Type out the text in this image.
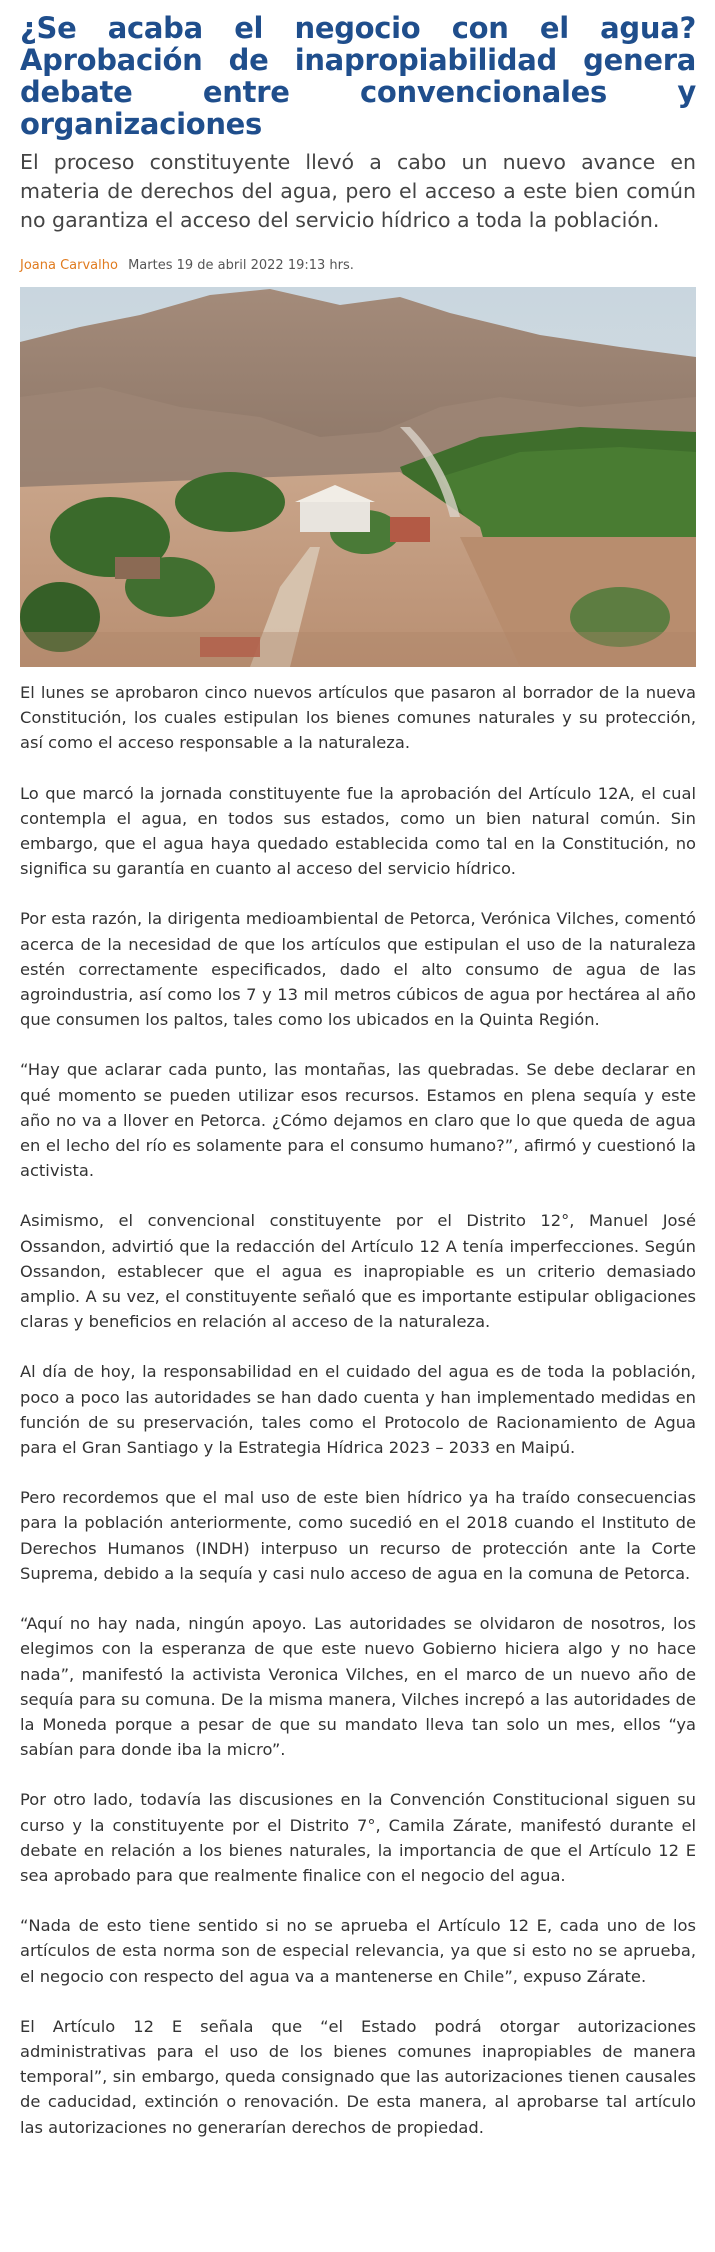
¿Se acaba el negocio con el agua? Aprobación de inapropiabilidad genera debate entre convencionales y organizaciones

El proceso constituyente llevó a cabo un nuevo avance en materia de derechos del agua, pero el acceso a este bien común no garantiza el acceso del servicio hídrico a toda la población.

Joana Carvalho Martes 19 de abril 2022 19:13 hrs.

El lunes se aprobaron cinco nuevos artículos que pasaron al borrador de la nueva Constitución, los cuales estipulan los bienes comunes naturales y su protección, así como el acceso responsable a la naturaleza.

Lo que marcó la jornada constituyente fue la aprobación del Artículo 12A, el cual contempla el agua, en todos sus estados, como un bien natural común. Sin embargo, que el agua haya quedado establecida como tal en la Constitución, no significa su garantía en cuanto al acceso del servicio hídrico.

Por esta razón, la dirigenta medioambiental de Petorca, Verónica Vilches, comentó acerca de la necesidad de que los artículos que estipulan el uso de la naturaleza estén correctamente especificados, dado el alto consumo de agua de las agroindustria, así como los 7 y 13 mil metros cúbicos de agua por hectárea al año que consumen los paltos, tales como los ubicados en la Quinta Región.

“Hay que aclarar cada punto, las montañas, las quebradas. Se debe declarar en qué momento se pueden utilizar esos recursos. Estamos en plena sequía y este año no va a llover en Petorca. ¿Cómo dejamos en claro que lo que queda de agua en el lecho del río es solamente para el consumo humano?”, afirmó y cuestionó la activista.

Asimismo, el convencional constituyente por el Distrito 12°, Manuel José Ossandon, advirtió que la redacción del Artículo 12 A tenía imperfecciones. Según Ossandon, establecer que el agua es inapropiable es un criterio demasiado amplio. A su vez, el constituyente señaló que es importante estipular obligaciones claras y beneficios en relación al acceso de la naturaleza.

Al día de hoy, la responsabilidad en el cuidado del agua es de toda la población, poco a poco las autoridades se han dado cuenta y han implementado medidas en función de su preservación, tales como el Protocolo de Racionamiento de Agua para el Gran Santiago y la Estrategia Hídrica 2023 – 2033 en Maipú.

Pero recordemos que el mal uso de este bien hídrico ya ha traído consecuencias para la población anteriormente, como sucedió en el 2018 cuando el Instituto de Derechos Humanos (INDH) interpuso un recurso de protección ante la Corte Suprema, debido a la sequía y casi nulo acceso de agua en la comuna de Petorca.

“Aquí no hay nada, ningún apoyo. Las autoridades se olvidaron de nosotros, los elegimos con la esperanza de que este nuevo Gobierno hiciera algo y no hace nada”, manifestó la activista Veronica Vilches, en el marco de un nuevo año de sequía para su comuna. De la misma manera, Vilches increpó a las autoridades de la Moneda porque a pesar de que su mandato lleva tan solo un mes, ellos “ya sabían para donde iba la micro”.

Por otro lado, todavía las discusiones en la Convención Constitucional siguen su curso y la constituyente por el Distrito 7°, Camila Zárate, manifestó durante el debate en relación a los bienes naturales, la importancia de que el Artículo 12 E sea aprobado para que realmente finalice con el negocio del agua.

“Nada de esto tiene sentido si no se aprueba el Artículo 12 E, cada uno de los artículos de esta norma son de especial relevancia, ya que si esto no se aprueba, el negocio con respecto del agua va a mantenerse en Chile”, expuso Zárate.

El Artículo 12 E señala que “el Estado podrá otorgar autorizaciones administrativas para el uso de los bienes comunes inapropiables de manera temporal”, sin embargo, queda consignado que las autorizaciones tienen causales de caducidad, extinción o renovación. De esta manera, al aprobarse tal artículo las autorizaciones no generarían derechos de propiedad.
